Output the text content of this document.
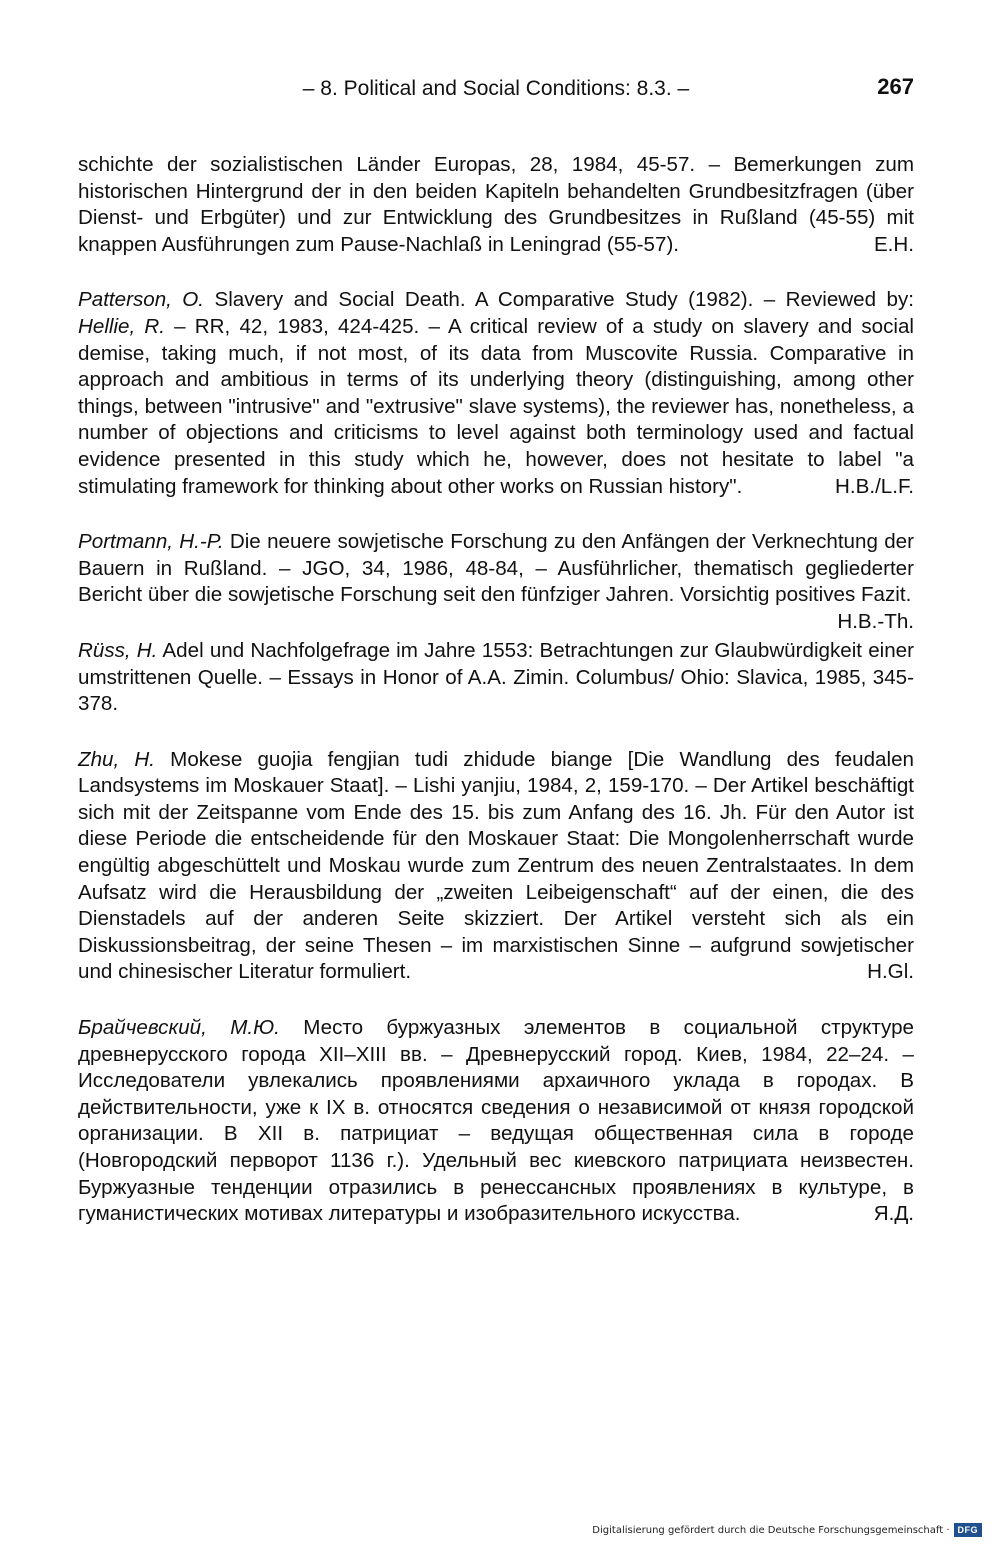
– 8. Political and Social Conditions: 8.3. –	267

schichte der sozialistischen Länder Europas, 28, 1984, 45-57. – Bemerkungen zum historischen Hintergrund der in den beiden Kapiteln behandelten Grundbesitzfragen (über Dienst- und Erbgüter) und zur Entwicklung des Grundbesitzes in Rußland (45-55) mit knappen Ausführungen zum Pause-Nachlaß in Leningrad (55-57).	E.H.

Patterson, O. Slavery and Social Death. A Comparative Study (1982). – Reviewed by: Hellie, R. – RR, 42, 1983, 424-425. – A critical review of a study on slavery and social demise, taking much, if not most, of its data from Muscovite Russia. Comparative in approach and ambitious in terms of its underlying theory (distinguishing, among other things, between "intrusive" and "extrusive" slave systems), the reviewer has, nonetheless, a number of objections and criticisms to level against both terminology used and factual evidence presented in this study which he, however, does not hesitate to label "a stimulating framework for thinking about other works on Russian history".	H.B./L.F.

Portmann, H.-P. Die neuere sowjetische Forschung zu den Anfängen der Verknechtung der Bauern in Rußland. – JGO, 34, 1986, 48-84, – Ausführlicher, thematisch gegliederter Bericht über die sowjetische Forschung seit den fünfziger Jahren. Vorsichtig positives Fazit.
H.B.-Th.

Rüss, H. Adel und Nachfolgefrage im Jahre 1553: Betrachtungen zur Glaubwürdigkeit einer umstrittenen Quelle. – Essays in Honor of A.A. Zimin. Columbus/ Ohio: Slavica, 1985, 345-378.

Zhu, H. Mokese guojia fengjian tudi zhidude biange [Die Wandlung des feudalen Landsystems im Moskauer Staat]. – Lishi yanjiu, 1984, 2, 159-170. – Der Artikel beschäftigt sich mit der Zeitspanne vom Ende des 15. bis zum Anfang des 16. Jh. Für den Autor ist diese Periode die entscheidende für den Moskauer Staat: Die Mongolenherrschaft wurde engültig abgeschüttelt und Moskau wurde zum Zentrum des neuen Zentralstaates. In dem Aufsatz wird die Herausbildung der „zweiten Leibeigenschaft“ auf der einen, die des Dienstadels auf der anderen Seite skizziert. Der Artikel versteht sich als ein Diskussionsbeitrag, der seine Thesen – im marxistischen Sinne – aufgrund sowjetischer und chinesischer Literatur formuliert.	H.Gl.

Брайчевский, М.Ю. Место буржуазных элементов в социальной структуре древнерусского города XII–XIII вв. – Древнерусский город. Киев, 1984, 22–24. – Исследователи увлекались проявлениями архаичного уклада в городах. В действительности, уже к IX в. относятся сведения о независимой от князя городской организации. В XII в. патрициат – ведущая общественная сила в городе (Новгородский перворот 1136 г.). Удельный вес киевского патрициата неизвестен. Буржуазные тенденции отразились в ренессансных проявлениях в культуре, в гуманистических мотивах литературы и изобразительного искусства.	Я.Д.

Digitalisierung gefördert durch die Deutsche Forschungsgemeinschaft · DFG
